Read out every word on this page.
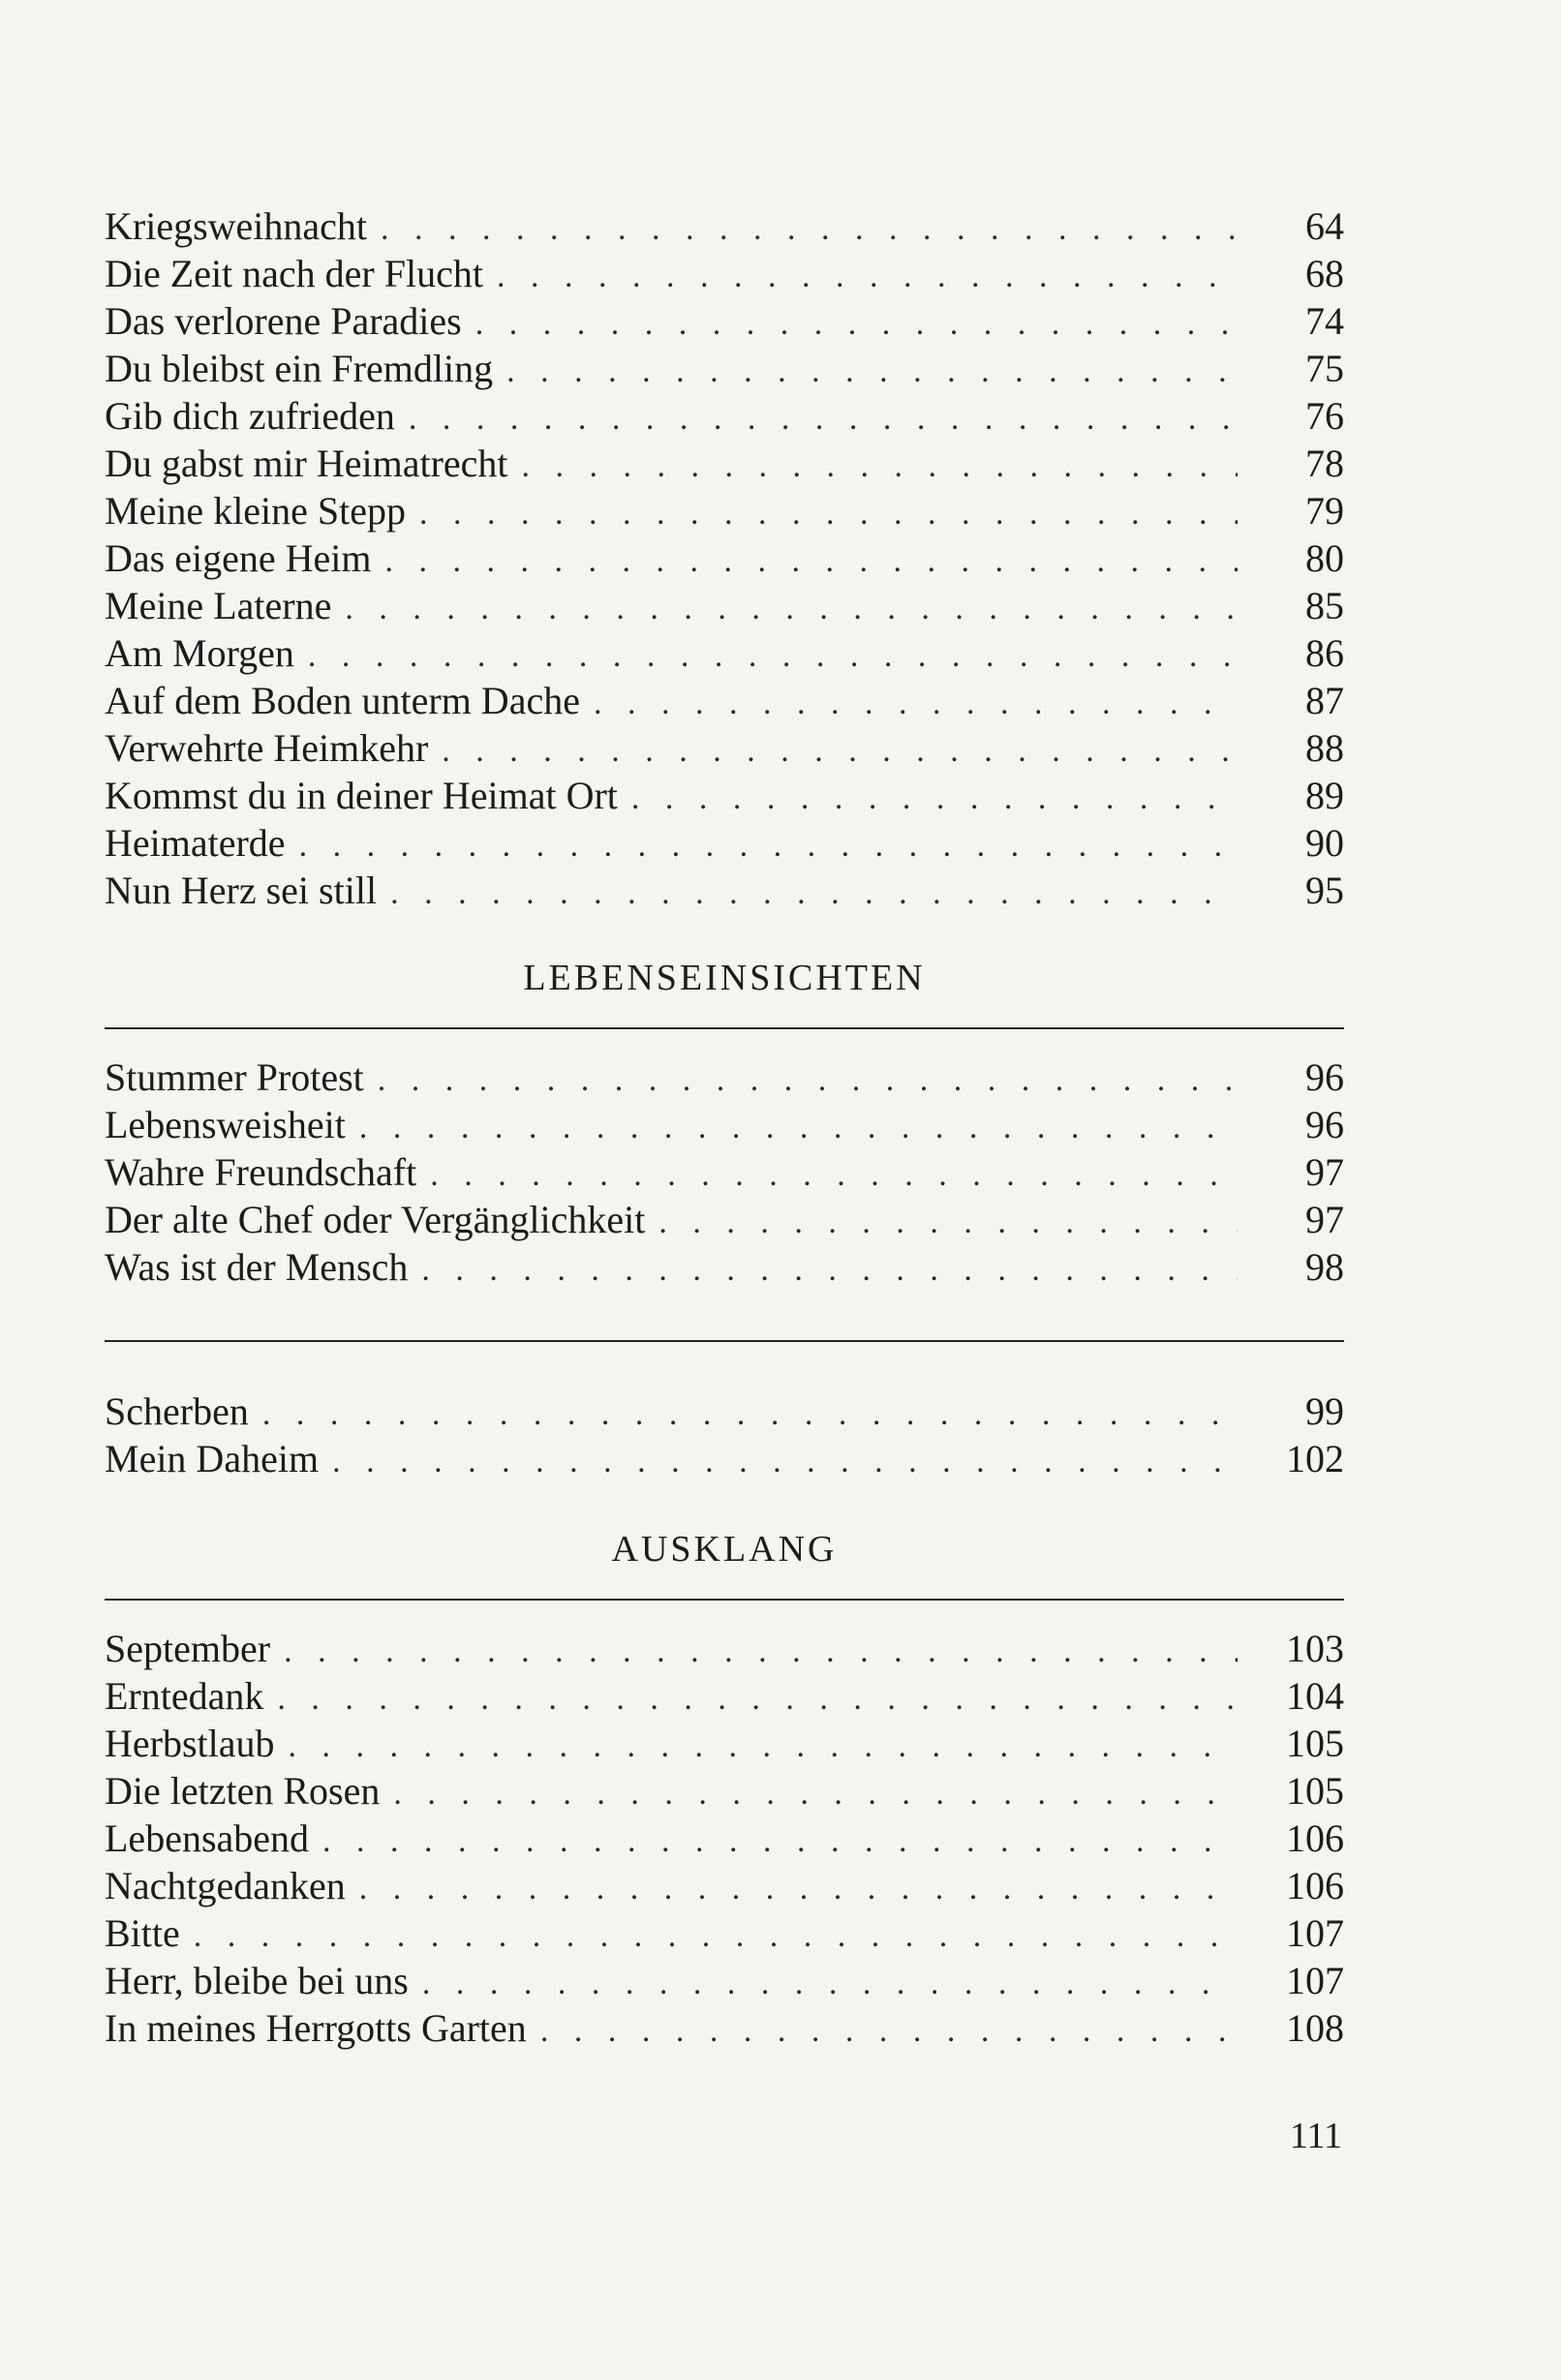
Kriegsweihnacht . . .	64
Die Zeit nach der Flucht . . .	68
Das verlorene Paradies . . .	74
Du bleibst ein Fremdling . . .	75
Gib dich zufrieden . . .	76
Du gabst mir Heimatrecht . . .	78
Meine kleine Stepp . . .	79
Das eigene Heim . . .	80
Meine Laterne . . .	85
Am Morgen . . .	86
Auf dem Boden unterm Dache . . .	87
Verwehrte Heimkehr . . .	88
Kommst du in deiner Heimat Ort . . .	89
Heimaterde . . .	90
Nun Herz sei still . . .	95
LEBENSEINSICHTEN
Stummer Protest . . .	96
Lebensweisheit . . .	96
Wahre Freundschaft . . .	97
Der alte Chef oder Vergänglichkeit . . .	97
Was ist der Mensch . . .	98
Scherben . . .	99
Mein Daheim . . .	102
AUSKLANG
September . . .	103
Erntedank . . .	104
Herbstlaub . . .	105
Die letzten Rosen . . .	105
Lebensabend . . .	106
Nachtgedanken . . .	106
Bitte . . .	107
Herr, bleibe bei uns . . .	107
In meines Herrgotts Garten . . .	108
111
